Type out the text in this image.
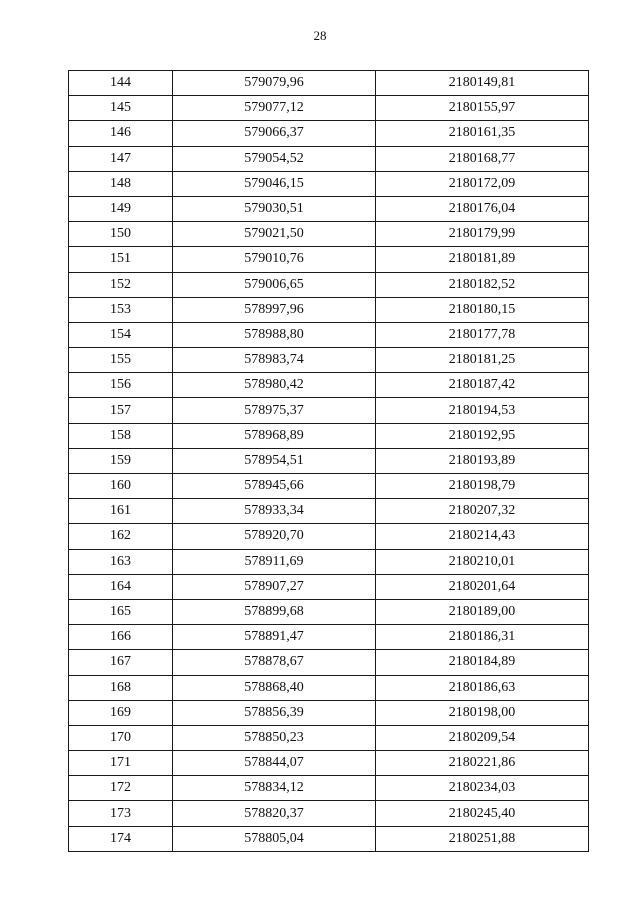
28
144	579079,96	2180149,81
145	579077,12	2180155,97
146	579066,37	2180161,35
147	579054,52	2180168,77
148	579046,15	2180172,09
149	579030,51	2180176,04
150	579021,50	2180179,99
151	579010,76	2180181,89
152	579006,65	2180182,52
153	578997,96	2180180,15
154	578988,80	2180177,78
155	578983,74	2180181,25
156	578980,42	2180187,42
157	578975,37	2180194,53
158	578968,89	2180192,95
159	578954,51	2180193,89
160	578945,66	2180198,79
161	578933,34	2180207,32
162	578920,70	2180214,43
163	578911,69	2180210,01
164	578907,27	2180201,64
165	578899,68	2180189,00
166	578891,47	2180186,31
167	578878,67	2180184,89
168	578868,40	2180186,63
169	578856,39	2180198,00
170	578850,23	2180209,54
171	578844,07	2180221,86
172	578834,12	2180234,03
173	578820,37	2180245,40
174	578805,04	2180251,88
